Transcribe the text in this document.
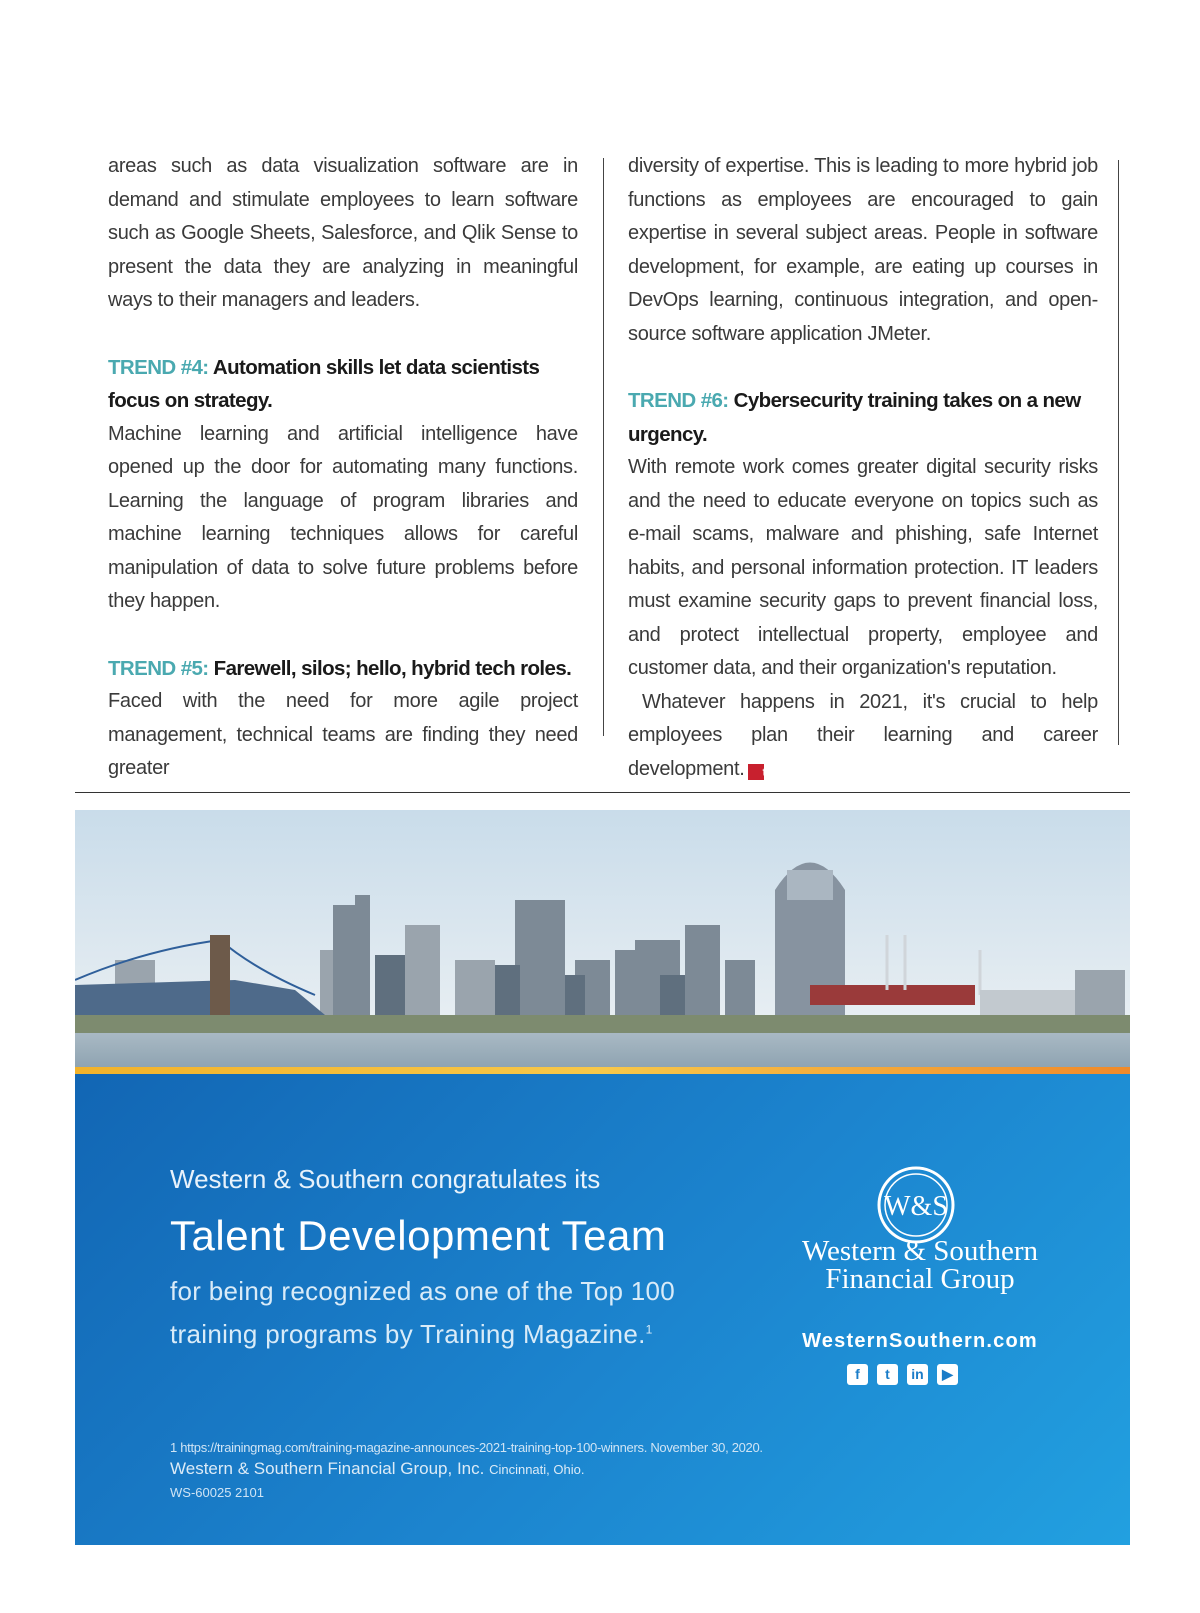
areas such as data visualization software are in demand and stimulate employees to learn software such as Google Sheets, Salesforce, and Qlik Sense to present the data they are analyzing in meaningful ways to their managers and leaders.

TREND #4: Automation skills let data scientists focus on strategy.

Machine learning and artificial intelligence have opened up the door for automating many functions. Learning the language of program libraries and machine learning techniques allows for careful manipulation of data to solve future problems before they happen.

TREND #5: Farewell, silos; hello, hybrid tech roles.

Faced with the need for more agile project management, technical teams are finding they need greater

diversity of expertise. This is leading to more hybrid job functions as employees are encouraged to gain expertise in several subject areas. People in software development, for example, are eating up courses in DevOps learning, continuous integration, and open-source software application JMeter.

TREND #6: Cybersecurity training takes on a new urgency.

With remote work comes greater digital security risks and the need to educate everyone on topics such as e-mail scams, malware and phishing, safe Internet habits, and personal information protection. IT leaders must examine security gaps to prevent financial loss, and protect intellectual property, employee and customer data, and their organization's reputation.

Whatever happens in 2021, it's crucial to help employees plan their learning and career development. t

Western & Southern congratulates its
Talent Development Team
for being recognized as one of the Top 100
training programs by Training Magazine.$^1$
W&S
Western & Southern
Financial Group
WesternSouthern.com
f	t	in	▶
1 https://trainingmag.com/training-magazine-announces-2021-training-top-100-winners. November 30, 2020.
Western & Southern Financial Group, Inc. Cincinnati, Ohio.
WS-60025 2101
